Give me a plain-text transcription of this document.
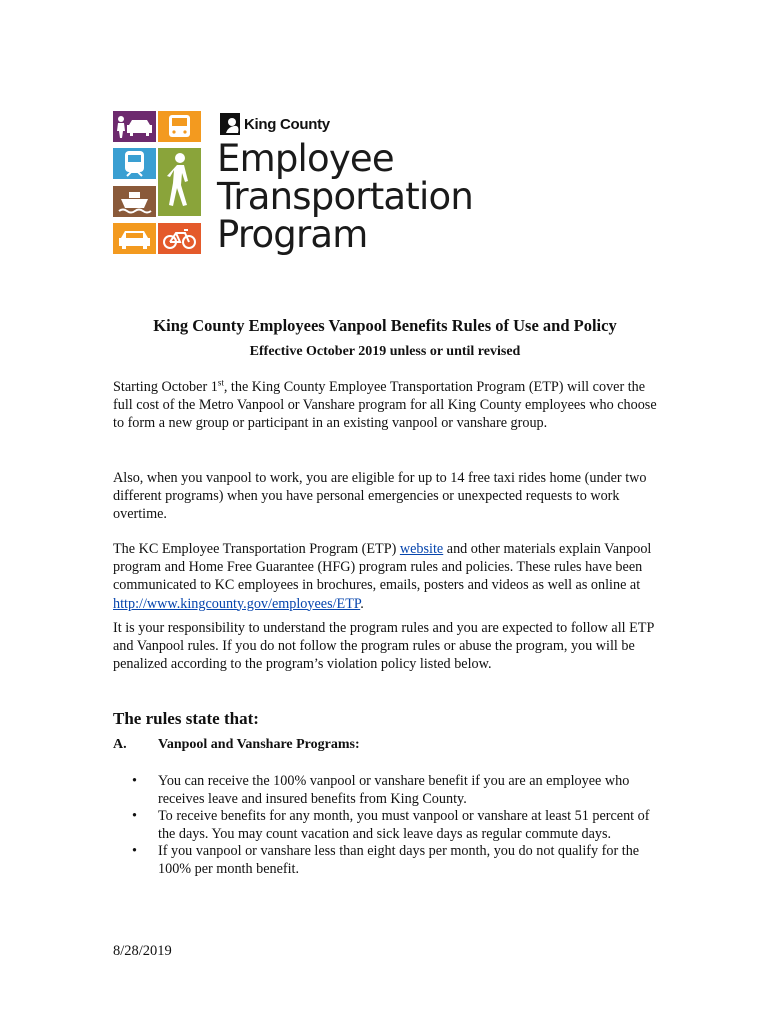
King County
Employee
Transportation
Program
King County Employees Vanpool Benefits Rules of Use and Policy
Effective October 2019 unless or until revised
Starting October 1st, the King County Employee Transportation Program (ETP) will cover the full cost of the Metro Vanpool or Vanshare program for all King County employees who choose to form a new group or participant in an existing vanpool or vanshare group.
Also, when you vanpool to work, you are eligible for up to 14 free taxi rides home (under two different programs) when you have personal emergencies or unexpected requests to work overtime.
The KC Employee Transportation Program (ETP) website and other materials explain Vanpool program and Home Free Guarantee (HFG) program rules and policies. These rules have been communicated to KC employees in brochures, emails, posters and videos as well as online at http://www.kingcounty.gov/employees/ETP.
It is your responsibility to understand the program rules and you are expected to follow all ETP and Vanpool rules. If you do not follow the program rules or abuse the program, you will be penalized according to the program’s violation policy listed below.
The rules state that:
A. Vanpool and Vanshare Programs:
• You can receive the 100% vanpool or vanshare benefit if you are an employee who receives leave and insured benefits from King County.
• To receive benefits for any month, you must vanpool or vanshare at least 51 percent of the days. You may count vacation and sick leave days as regular commute days.
• If you vanpool or vanshare less than eight days per month, you do not qualify for the 100% per month benefit.
8/28/2019
